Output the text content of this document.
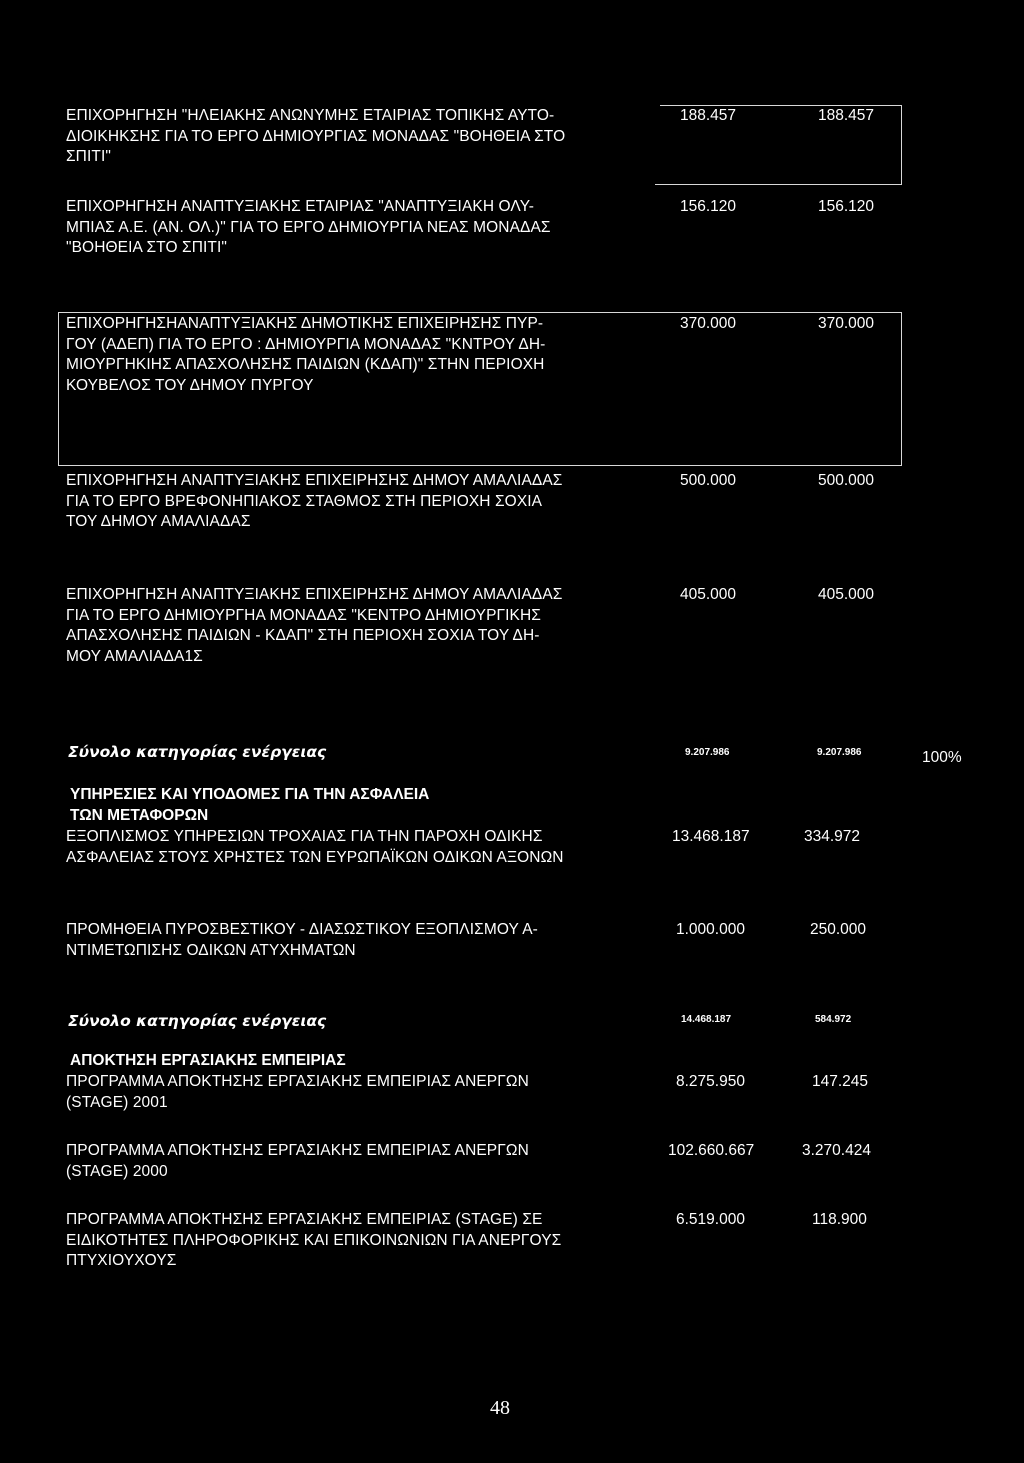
ΕΠΙΧΟΡΗΓΗΣΗ "ΗΛΕΙΑΚΗΣ ΑΝΩΝΥΜΗΣ ΕΤΑΙΡΙΑΣ ΤΟΠΙΚΗΣ ΑΥΤΟ-
ΔΙΟΙΚΗΚΣΗΣ ΓΙΑ ΤΟ ΕΡΓΟ ΔΗΜΙΟΥΡΓΙΑΣ ΜΟΝΑΔΑΣ "ΒΟΗΘΕΙΑ ΣΤΟ
ΣΠΙΤΙ"
188.457	188.457
ΕΠΙΧΟΡΗΓΗΣΗ ΑΝΑΠΤΥΞΙΑΚΗΣ ΕΤΑΙΡΙΑΣ "ΑΝΑΠΤΥΞΙΑΚΗ ΟΛΥ-
ΜΠΙΑΣ Α.Ε. (ΑΝ. ΟΛ.)" ΓΙΑ ΤΟ ΕΡΓΟ ΔΗΜΙΟΥΡΓΙΑ ΝΕΑΣ ΜΟΝΑΔΑΣ
"ΒΟΗΘΕΙΑ ΣΤΟ ΣΠΙΤΙ"
156.120	156.120
ΕΠΙΧΟΡΗΓΗΣΗΑΝΑΠΤΥΞΙΑΚΗΣ ΔΗΜΟΤΙΚΗΣ ΕΠΙΧΕΙΡΗΣΗΣ ΠΥΡ-
ΓΟΥ (ΑΔΕΠ) ΓΙΑ ΤΟ ΕΡΓΟ : ΔΗΜΙΟΥΡΓΙΑ ΜΟΝΑΔΑΣ "ΚΝΤΡΟΥ ΔΗ-
ΜΙΟΥΡΓΗΚΙΗΣ ΑΠΑΣΧΟΛΗΣΗΣ ΠΑΙΔΙΩΝ (ΚΔΑΠ)" ΣΤΗΝ ΠΕΡΙΟΧΗ
ΚΟΥΒΕΛΟΣ ΤΟΥ ΔΗΜΟΥ ΠΥΡΓΟΥ
370.000	370.000
ΕΠΙΧΟΡΗΓΗΣΗ ΑΝΑΠΤΥΞΙΑΚΗΣ ΕΠΙΧΕΙΡΗΣΗΣ ΔΗΜΟΥ ΑΜΑΛΙΑΔΑΣ
ΓΙΑ ΤΟ ΕΡΓΟ ΒΡΕΦΟΝΗΠΙΑΚΟΣ ΣΤΑΘΜΟΣ ΣΤΗ ΠΕΡΙΟΧΗ ΣΟΧΙΑ
ΤΟΥ ΔΗΜΟΥ ΑΜΑΛΙΑΔΑΣ
500.000	500.000
ΕΠΙΧΟΡΗΓΗΣΗ ΑΝΑΠΤΥΞΙΑΚΗΣ ΕΠΙΧΕΙΡΗΣΗΣ ΔΗΜΟΥ ΑΜΑΛΙΑΔΑΣ
ΓΙΑ ΤΟ ΕΡΓΟ ΔΗΜΙΟΥΡΓΗΑ ΜΟΝΑΔΑΣ "ΚΕΝΤΡΟ ΔΗΜΙΟΥΡΓΙΚΗΣ
ΑΠΑΣΧΟΛΗΣΗΣ ΠΑΙΔΙΩΝ - ΚΔΑΠ" ΣΤΗ ΠΕΡΙΟΧΗ ΣΟΧΙΑ ΤΟΥ ΔΗ-
ΜΟΥ ΑΜΑΛΙΑΔΑ1Σ
405.000	405.000
Σύνολο κατηγορίας ενέργειας	9.207.986	9.207.986	100%
ΥΠΗΡΕΣΙΕΣ ΚΑΙ ΥΠΟΔΟΜΕΣ ΓΙΑ ΤΗΝ ΑΣΦΑΛΕΙΑ
ΤΩΝ ΜΕΤΑΦΟΡΩΝ
ΕΞΟΠΛΙΣΜΟΣ ΥΠΗΡΕΣΙΩΝ ΤΡΟΧΑΙΑΣ ΓΙΑ ΤΗΝ ΠΑΡΟΧΗ ΟΔΙΚΗΣ
ΑΣΦΑΛΕΙΑΣ ΣΤΟΥΣ ΧΡΗΣΤΕΣ ΤΩΝ ΕΥΡΩΠΑΪΚΩΝ ΟΔΙΚΩΝ ΑΞΟΝΩΝ
13.468.187	334.972
ΠΡΟΜΗΘΕΙΑ ΠΥΡΟΣΒΕΣΤΙΚΟΥ - ΔΙΑΣΩΣΤΙΚΟΥ ΕΞΟΠΛΙΣΜΟΥ Α-
ΝΤΙΜΕΤΩΠΙΣΗΣ ΟΔΙΚΩΝ ΑΤΥΧΗΜΑΤΩΝ
1.000.000	250.000
Σύνολο κατηγορίας ενέργειας	14.468.187	584.972
ΑΠΟΚΤΗΣΗ ΕΡΓΑΣΙΑΚΗΣ ΕΜΠΕΙΡΙΑΣ
ΠΡΟΓΡΑΜΜΑ ΑΠΟΚΤΗΣΗΣ ΕΡΓΑΣΙΑΚΗΣ ΕΜΠΕΙΡΙΑΣ ΑΝΕΡΓΩΝ
(STAGE) 2001
8.275.950	147.245
ΠΡΟΓΡΑΜΜΑ ΑΠΟΚΤΗΣΗΣ ΕΡΓΑΣΙΑΚΗΣ ΕΜΠΕΙΡΙΑΣ ΑΝΕΡΓΩΝ
(STAGE) 2000
102.660.667	3.270.424
ΠΡΟΓΡΑΜΜΑ ΑΠΟΚΤΗΣΗΣ ΕΡΓΑΣΙΑΚΗΣ ΕΜΠΕΙΡΙΑΣ (STAGE) ΣΕ
ΕΙΔΙΚΟΤΗΤΕΣ ΠΛΗΡΟΦΟΡΙΚΗΣ ΚΑΙ ΕΠΙΚΟΙΝΩΝΙΩΝ ΓΙΑ ΑΝΕΡΓΟΥΣ
ΠΤΥΧΙΟΥΧΟΥΣ
6.519.000	118.900
48
